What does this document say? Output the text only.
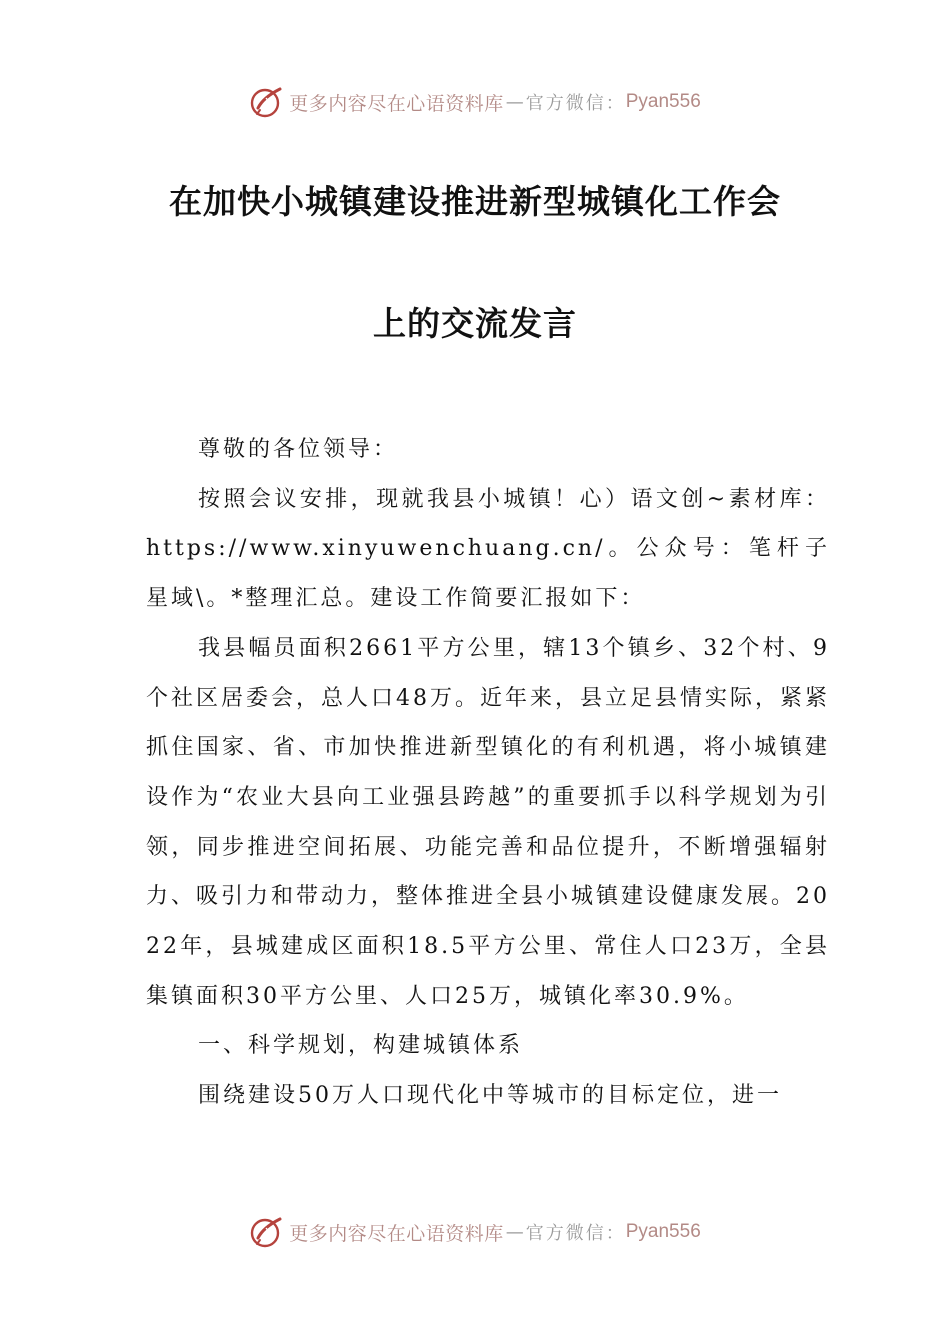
更多内容尽在心语资料库 — 官方微信： Pyan556
在加快小城镇建设推进新型城镇化工作会
上的交流发言

尊敬的各位领导：

按照会议安排，现就我县小城镇！心）语文创~素材库：https://www.xinyuwenchuang.cn/。公众号：笔杆子星域\。*整理汇总。建设工作简要汇报如下：

我县幅员面积2661平方公里，辖13个镇乡、32个村、9个社区居委会，总人口48万。近年来，县立足县情实际，紧紧抓住国家、省、市加快推进新型镇化的有利机遇，将小城镇建设作为“农业大县向工业强县跨越”的重要抓手以科学规划为引领，同步推进空间拓展、功能完善和品位提升，不断增强辐射力、吸引力和带动力，整体推进全县小城镇建设健康发展。2022年，县城建成区面积18.5平方公里、常住人口23万，全县集镇面积30平方公里、人口25万，城镇化率30.9%。

一、科学规划，构建城镇体系

围绕建设50万人口现代化中等城市的目标定位，进一

更多内容尽在心语资料库 — 官方微信： Pyan556
